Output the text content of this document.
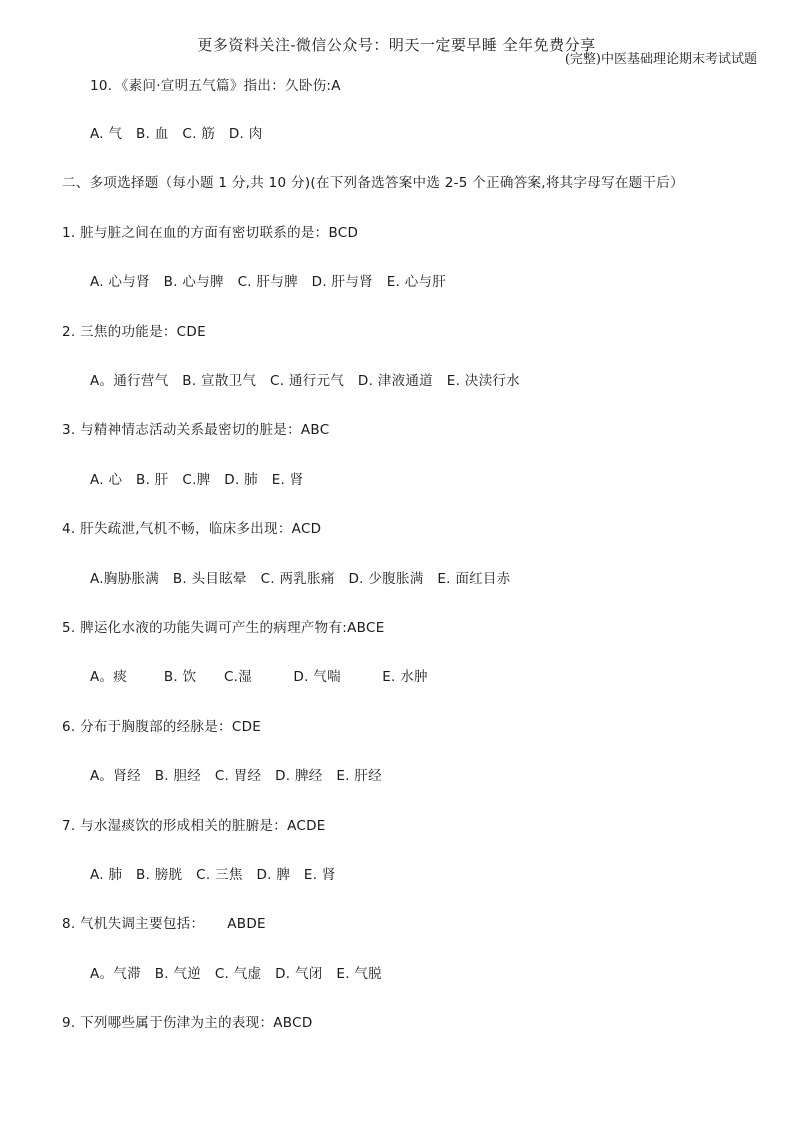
更多资料关注-微信公众号：明天一定要早睡 全年免费分享
(完整)中医基础理论期末考试试题
10．《素问·宣明五气篇》指出：久卧伤:A
A. 气   B. 血   C. 筋   D. 肉
二、多项选择题（每小题 1 分,共 10 分)(在下列备选答案中选 2-5 个正确答案,将其字母写在题干后）
1. 脏与脏之间在血的方面有密切联系的是：BCD
A. 心与肾   B. 心与脾   C. 肝与脾   D. 肝与肾   E. 心与肝
2. 三焦的功能是：CDE
A。通行营气   B. 宣散卫气   C. 通行元气   D. 津液通道   E. 决渎行水
3. 与精神情志活动关系最密切的脏是：ABC
A. 心   B. 肝   C.脾   D. 肺   E. 肾
4. 肝失疏泄,气机不畅，临床多出现：ACD
A.胸胁胀满   B. 头目眩晕   C. 两乳胀痛   D. 少腹胀满   E. 面红目赤
5. 脾运化水液的功能失调可产生的病理产物有:ABCE
A。痰        B. 饮      C.湿         D. 气喘         E. 水肿
6. 分布于胸腹部的经脉是：CDE
A。肾经   B. 胆经   C. 胃经   D. 脾经   E. 肝经
7. 与水湿痰饮的形成相关的脏腑是：ACDE
A. 肺   B. 膀胱   C. 三焦   D. 脾   E. 肾
8. 气机失调主要包括：     ABDE
A。气滞   B. 气逆   C. 气虚   D. 气闭   E. 气脱
9. 下列哪些属于伤津为主的表现：ABCD
